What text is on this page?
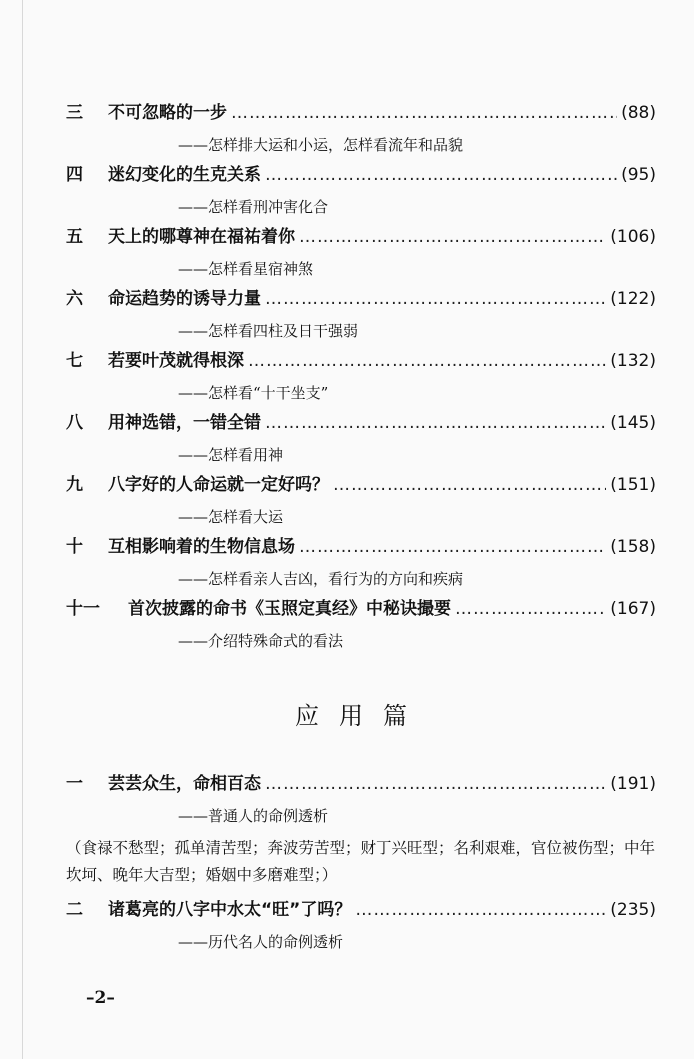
三	不可忽略的一步 ………………………………………………………………………………………………………………………………	(88)
——怎样排大运和小运，怎样看流年和品貌
四	迷幻变化的生克关系 ………………………………………………………………………………………………………………………………	(95)
——怎样看刑冲害化合
五	天上的哪尊神在福祐着你 ………………………………………………………………………………………………………………………………	(106)
——怎样看星宿神煞
六	命运趋势的诱导力量 ………………………………………………………………………………………………………………………………	(122)
——怎样看四柱及日干强弱
七	若要叶茂就得根深 ………………………………………………………………………………………………………………………………	(132)
——怎样看“十干坐支”
八	用神选错，一错全错 ………………………………………………………………………………………………………………………………	(145)
——怎样看用神
九	八字好的人命运就一定好吗？ ………………………………………………………………………………………………………………………………	(151)
——怎样看大运
十	互相影响着的生物信息场 ………………………………………………………………………………………………………………………………	(158)
——怎样看亲人吉凶，看行为的方向和疾病
十一	首次披露的命书《玉照定真经》中秘诀撮要 ………………………………………………………………………………………………………………………………	(167)
——介绍特殊命式的看法
应用篇
一	芸芸众生，命相百态 ………………………………………………………………………………………………………………………………	(191)
——普通人的命例透析
（食禄不愁型；孤单清苦型；奔波劳苦型；财丁兴旺型；名利艰难，官位被伤型；中年坎坷、晚年大吉型；婚姻中多磨难型；）
二	诸葛亮的八字中水太“旺”了吗？ ………………………………………………………………………………………………………………………………	(235)
——历代名人的命例透析
–2–
